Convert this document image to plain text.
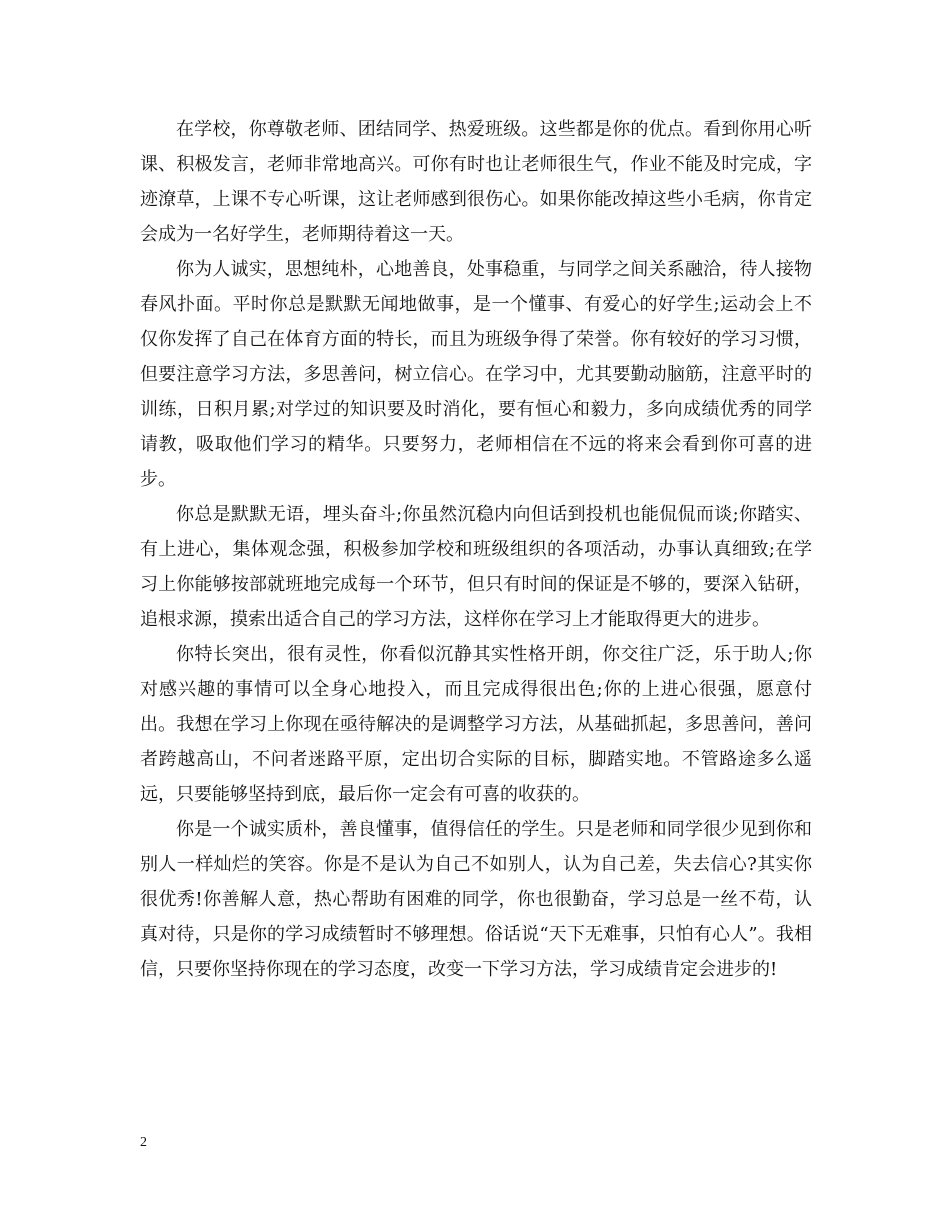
在学校，你尊敬老师、团结同学、热爱班级。这些都是你的优点。看到你用心听课、积极发言，老师非常地高兴。可你有时也让老师很生气，作业不能及时完成，字迹潦草，上课不专心听课，这让老师感到很伤心。如果你能改掉这些小毛病，你肯定会成为一名好学生，老师期待着这一天。

你为人诚实，思想纯朴，心地善良，处事稳重，与同学之间关系融洽，待人接物春风扑面。平时你总是默默无闻地做事，是一个懂事、有爱心的好学生;运动会上不仅你发挥了自己在体育方面的特长，而且为班级争得了荣誉。你有较好的学习习惯，但要注意学习方法，多思善问，树立信心。在学习中，尤其要勤动脑筋，注意平时的训练，日积月累;对学过的知识要及时消化，要有恒心和毅力，多向成绩优秀的同学请教，吸取他们学习的精华。只要努力，老师相信在不远的将来会看到你可喜的进步。

你总是默默无语，埋头奋斗;你虽然沉稳内向但话到投机也能侃侃而谈;你踏实、有上进心，集体观念强，积极参加学校和班级组织的各项活动，办事认真细致;在学习上你能够按部就班地完成每一个环节，但只有时间的保证是不够的，要深入钻研，追根求源，摸索出适合自己的学习方法，这样你在学习上才能取得更大的进步。

你特长突出，很有灵性，你看似沉静其实性格开朗，你交往广泛，乐于助人;你对感兴趣的事情可以全身心地投入，而且完成得很出色;你的上进心很强，愿意付出。我想在学习上你现在亟待解决的是调整学习方法，从基础抓起，多思善问，善问者跨越高山，不问者迷路平原，定出切合实际的目标，脚踏实地。不管路途多么遥远，只要能够坚持到底，最后你一定会有可喜的收获的。

你是一个诚实质朴，善良懂事，值得信任的学生。只是老师和同学很少见到你和别人一样灿烂的笑容。你是不是认为自己不如别人，认为自己差，失去信心?其实你很优秀!你善解人意，热心帮助有困难的同学，你也很勤奋，学习总是一丝不苟，认真对待，只是你的学习成绩暂时不够理想。俗话说“天下无难事，只怕有心人”。我相信，只要你坚持你现在的学习态度，改变一下学习方法，学习成绩肯定会进步的!

2
